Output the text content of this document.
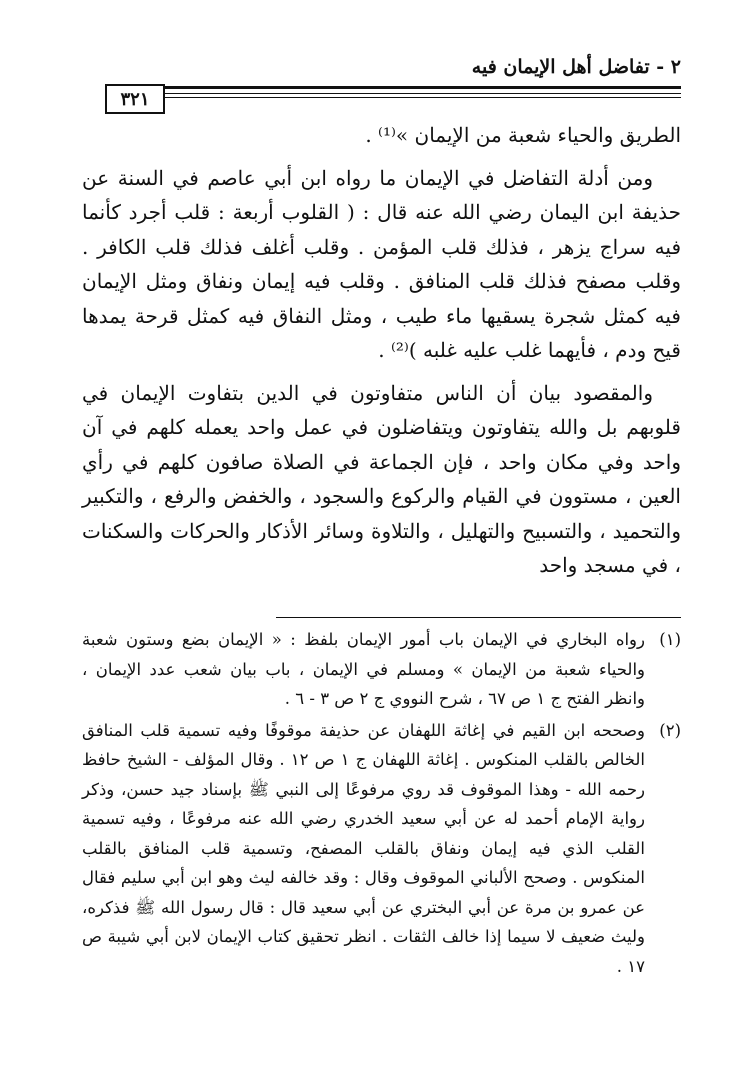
٢ - تفاضل أهل الإيمان فيه
٣٢١

الطريق والحياء شعبة من الإيمان »⁽¹⁾ .

ومن أدلة التفاضل في الإيمان ما رواه ابن أبي عاصم في السنة عن حذيفة ابن اليمان رضي الله عنه قال : ( القلوب أربعة : قلب أجرد كأنما فيه سراج يزهر ، فذلك قلب المؤمن . وقلب أغلف فذلك قلب الكافر . وقلب مصفح فذلك قلب المنافق . وقلب فيه إيمان ونفاق ومثل الإيمان فيه كمثل شجرة يسقيها ماء طيب ، ومثل النفاق فيه كمثل قرحة يمدها قيح ودم ، فأيهما غلب عليه غلبه )⁽²⁾ .

والمقصود بيان أن الناس متفاوتون في الدين بتفاوت الإيمان في قلوبهم بل والله يتفاوتون ويتفاضلون في عمل واحد يعمله كلهم في آن واحد وفي مكان واحد ، فإن الجماعة في الصلاة صافون كلهم في رأي العين ، مستوون في القيام والركوع والسجود ، والخفض والرفع ، والتكبير والتحميد ، والتسبيح والتهليل ، والتلاوة وسائر الأذكار والحركات والسكنات ، في مسجد واحد

(١)
رواه البخاري في الإيمان باب أمور الإيمان بلفظ : « الإيمان بضع وستون شعبة والحياء شعبة من الإيمان » ومسلم في الإيمان ، باب بيان شعب عدد الإيمان ، وانظر الفتح ج ١ ص ٦٧ ، شرح النووي ج ٢ ص ٣ - ٦ .
(٢)
وصححه ابن القيم في إغاثة اللهفان عن حذيفة موقوفًا وفيه تسمية قلب المنافق الخالص بالقلب المنكوس . إغاثة اللهفان ج ١ ص ١٢ . وقال المؤلف - الشيخ حافظ رحمه الله - وهذا الموقوف قد روي مرفوعًا إلى النبي ﷺ بإسناد جيد حسن، وذكر رواية الإمام أحمد له عن أبي سعيد الخدري رضي الله عنه مرفوعًا ، وفيه تسمية القلب الذي فيه إيمان ونفاق بالقلب المصفح، وتسمية قلب المنافق بالقلب المنكوس . وصحح الألباني الموقوف وقال : وقد خالفه ليث وهو ابن أبي سليم فقال عن عمرو بن مرة عن أبي البختري عن أبي سعيد قال : قال رسول الله ﷺ فذكره، وليث ضعيف لا سيما إذا خالف الثقات . انظر تحقيق كتاب الإيمان لابن أبي شيبة ص ١٧ .
